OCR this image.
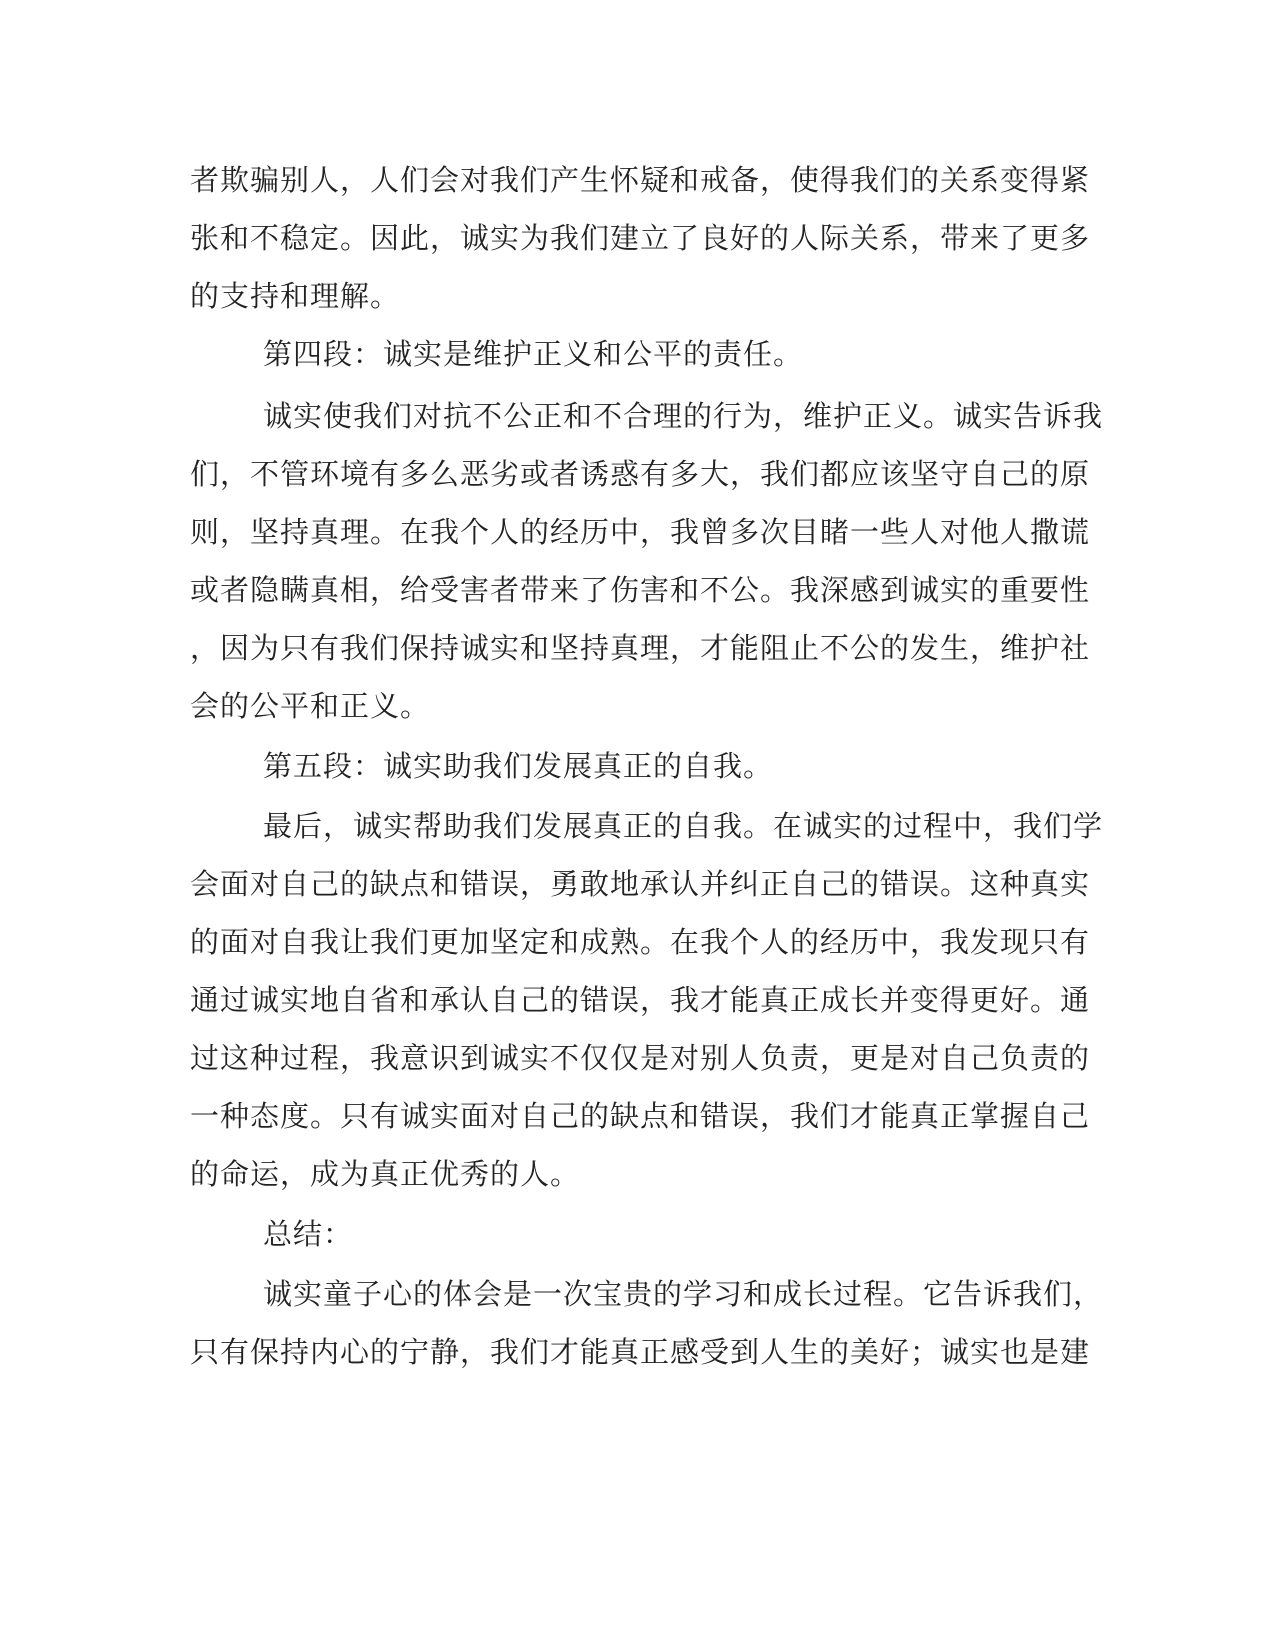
者欺骗别人，人们会对我们产生怀疑和戒备，使得我们的关系变得紧
张和不稳定。因此，诚实为我们建立了良好的人际关系，带来了更多
的支持和理解。
第四段：诚实是维护正义和公平的责任。
诚实使我们对抗不公正和不合理的行为，维护正义。诚实告诉我
们，不管环境有多么恶劣或者诱惑有多大，我们都应该坚守自己的原
则，坚持真理。在我个人的经历中，我曾多次目睹一些人对他人撒谎
或者隐瞒真相，给受害者带来了伤害和不公。我深感到诚实的重要性
，因为只有我们保持诚实和坚持真理，才能阻止不公的发生，维护社
会的公平和正义。
第五段：诚实助我们发展真正的自我。
最后，诚实帮助我们发展真正的自我。在诚实的过程中，我们学
会面对自己的缺点和错误，勇敢地承认并纠正自己的错误。这种真实
的面对自我让我们更加坚定和成熟。在我个人的经历中，我发现只有
通过诚实地自省和承认自己的错误，我才能真正成长并变得更好。通
过这种过程，我意识到诚实不仅仅是对别人负责，更是对自己负责的
一种态度。只有诚实面对自己的缺点和错误，我们才能真正掌握自己
的命运，成为真正优秀的人。
总结：
诚实童子心的体会是一次宝贵的学习和成长过程。它告诉我们，
只有保持内心的宁静，我们才能真正感受到人生的美好；诚实也是建
